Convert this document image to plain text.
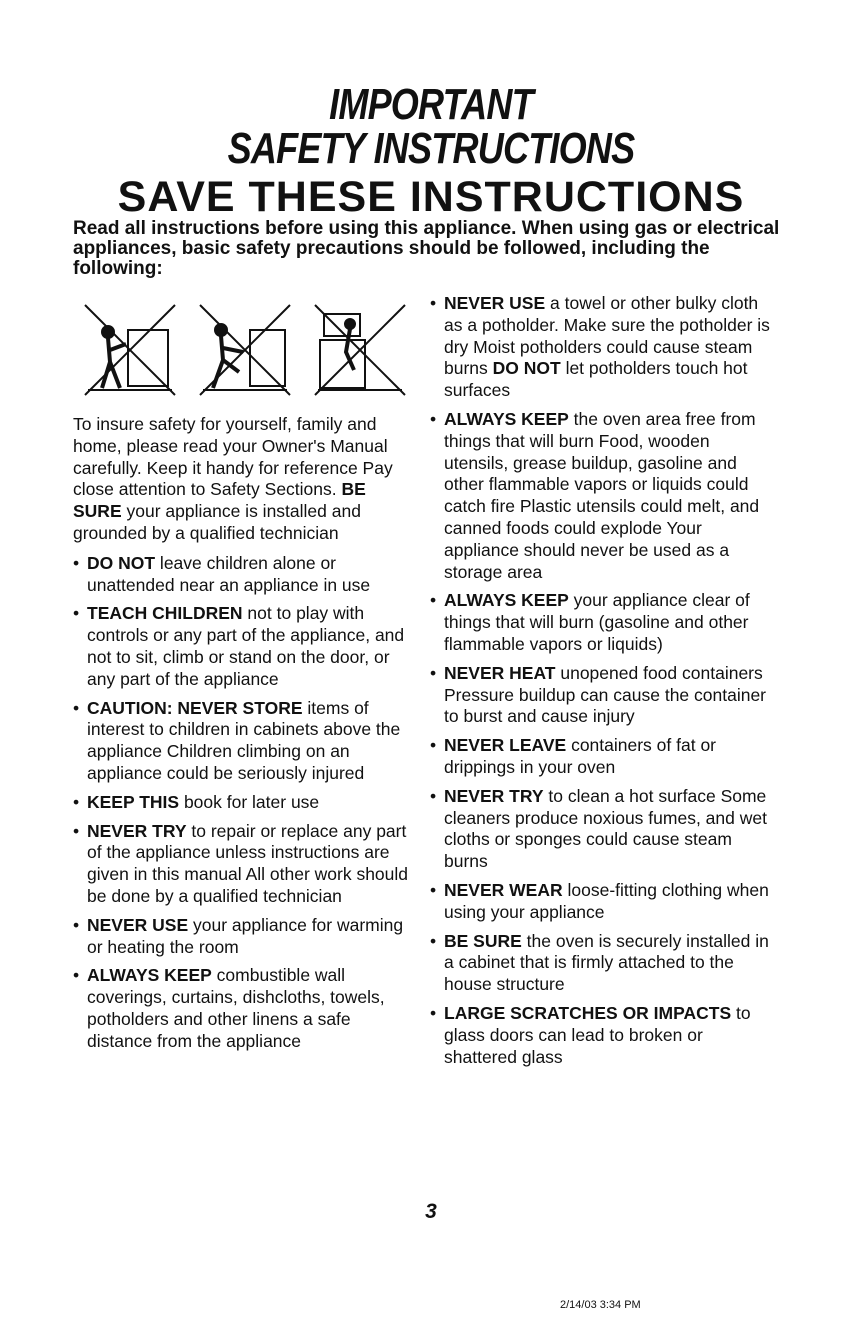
IMPORTANT
SAFETY INSTRUCTIONS
SAVE THESE INSTRUCTIONS
Read all instructions before using this appliance. When using gas or electrical appliances, basic safety precautions should be followed, including the following:

To insure safety for yourself, family and home, please read your Owner's Manual carefully. Keep it handy for reference Pay close attention to Safety Sections. BE SURE your appliance is installed and grounded by a qualified technician

• DO NOT leave children alone or unattended near an appliance in use
• TEACH CHILDREN not to play with controls or any part of the appliance, and not to sit, climb or stand on the door, or any part of the appliance
• CAUTION: NEVER STORE items of interest to children in cabinets above the appliance Children climbing on an appliance could be seriously injured
• KEEP THIS book for later use
• NEVER TRY to repair or replace any part of the appliance unless instructions are given in this manual All other work should be done by a qualified technician
• NEVER USE your appliance for warming or heating the room
• ALWAYS KEEP combustible wall coverings, curtains, dishcloths, towels, potholders and other linens a safe distance from the appliance
• NEVER USE a towel or other bulky cloth as a potholder. Make sure the potholder is dry Moist potholders could cause steam burns DO NOT let potholders touch hot surfaces
• ALWAYS KEEP the oven area free from things that will burn Food, wooden utensils, grease buildup, gasoline and other flammable vapors or liquids could catch fire Plastic utensils could melt, and canned foods could explode Your appliance should never be used as a storage area
• ALWAYS KEEP your appliance clear of things that will burn (gasoline and other flammable vapors or liquids)
• NEVER HEAT unopened food containers Pressure buildup can cause the container to burst and cause injury
• NEVER LEAVE containers of fat or drippings in your oven
• NEVER TRY to clean a hot surface Some cleaners produce noxious fumes, and wet cloths or sponges could cause steam burns
• NEVER WEAR loose-fitting clothing when using your appliance
• BE SURE the oven is securely installed in a cabinet that is firmly attached to the house structure
• LARGE SCRATCHES OR IMPACTS to glass doors can lead to broken or shattered glass
3
2/14/03 3:34 PM
